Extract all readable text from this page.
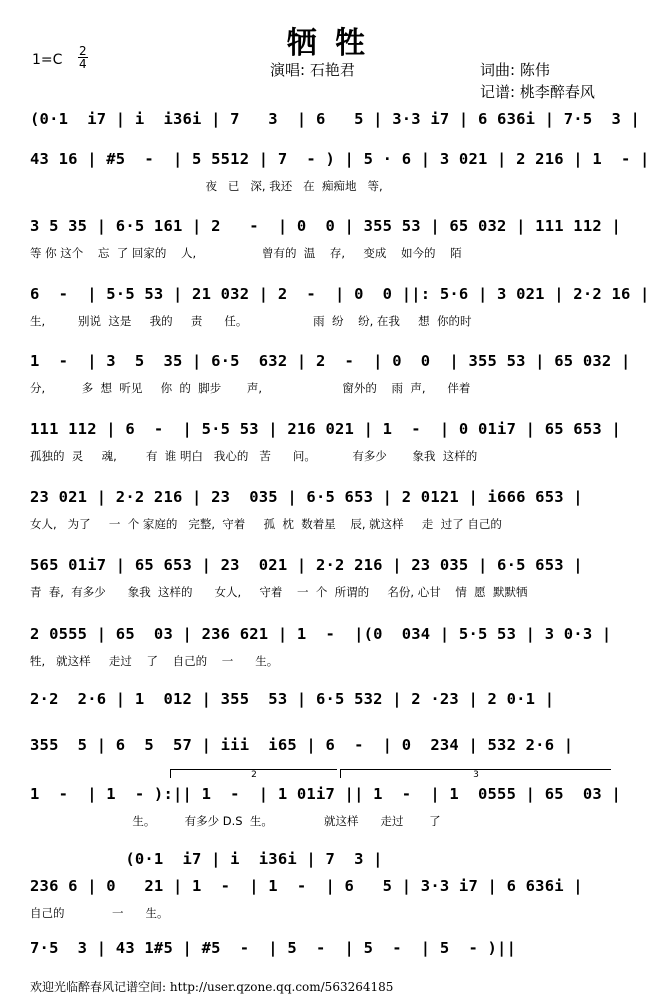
牺 牲
1=C
2
4	演唱: 石艳君	词曲: 陈伟
记谱: 桃李醉春风
(0·1  i7 | i  i36i | 7   3  | 6   5 | 3·3 i7 | 6 636i | 7·5  3 |
43 16 | #5  -  | 5 5512 | 7  - ) | 5 · 6 | 3 021 | 2 216 | 1  - |
夜   已   深, 我还   在  痴痴地   等,
3 5 35 | 6·5 161 | 2   -  | 0  0 | 355 53 | 65 032 | 111 112 |
等 你 这个    忘  了 回家的    人,                  曾有的  温    存,     变成    如今的    陌
6  -  | 5·5 53 | 21 032 | 2  -  | 0  0 ||: 5·6 | 3 021 | 2·2 16 |
生,         别说  这是     我的     责      任。                  雨  纷    纷, 在我     想  你的时
1  -  | 3  5  35 | 6·5  632 | 2  -  | 0  0  | 355 53 | 65 032 |
分,          多  想  听见     你  的  脚步       声,                      窗外的    雨  声,      伴着
111 112 | 6  -  | 5·5 53 | 216 021 | 1  -  | 0 01i7 | 65 653 |
孤独的  灵     魂,        有  谁 明白   我心的   苦      问。          有多少       象我  这样的
23 021 | 2·2 216 | 23  035 | 6·5 653 | 2 0121 | i666 653 |
女人,   为了     一  个 家庭的   完整,  守着     孤  枕  数着星    辰, 就这样     走  过了 自己的
565 01i7 | 65 653 | 23  021 | 2·2 216 | 23 035 | 6·5 653 |
青  春,  有多少      象我  这样的      女人,     守着    一  个  所谓的     名份, 心甘    情  愿  默默牺
2 0555 | 65  03 | 236 621 | 1  -  |(0  034 | 5·5 53 | 3 0·3 |
牲,   就这样     走过    了    自己的    一      生。
2·2  2·6 | 1  012 | 355  53 | 6·5 532 | 2 ·23 | 2 0·1 |
355  5 | 6  5  57 | iii  i65 | 6  -  | 0  234 | 532 2·6 |
2	3
1  -  | 1  - ):|| 1  -  | 1 01i7 || 1  -  | 1  0555 | 65  03 |
生。        有多少 D.S  生。              就这样      走过       了
(0·1  i7 | i  i36i | 7  3 |
236 6 | 0   21 | 1  -  | 1  -  | 6   5 | 3·3 i7 | 6 636i |
自己的             一      生。
7·5  3 | 43 1#5 | #5  -  | 5  -  | 5  -  | 5  - )||
欢迎光临醉春风记谱空间: http://user.qzone.qq.com/563264185
